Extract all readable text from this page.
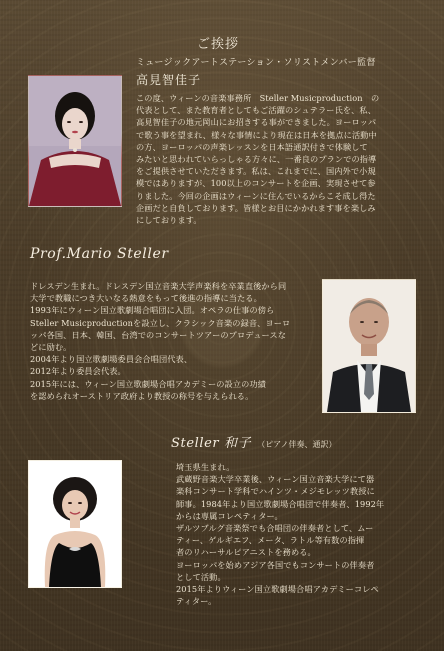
ご挨拶
ミュージックアートステーション・ソリストメンバー監督
高見智佳子
この度、ウィーンの音楽事務所　Steller Musicproduction　の
代表として、また教育者としてもご活躍のシュテラー氏を、私、
高見智佳子の地元岡山にお招きする事ができました。ヨーロッパ
で歌う事を望まれ、様々な事情により現在は日本を拠点に活動中
の方、ヨーロッパの声楽レッスンを日本語通訳付きで体験して
みたいと思われていらっしゃる方々に、一番良のプランでの指導
をご提供させていただきます。私は、これまでに、国内外で小規
模ではありますが、100以上のコンサートを企画、実現させて参
りました。今回の企画はウィーンに住んでいるからこそ成し得た
企画だと自負しております。皆様とお目にかかれます事を楽しみ
にしております。
Prof.Mario Steller
ドレスデン生まれ。ドレスデン国立音楽大学声楽科を卒業直後から同
大学で教職につき大いなる熱意をもって後進の指導に当たる。
1993年にウィーン国立歌劇場合唱団に入団。オペラの仕事の傍ら
Steller Musicproductionを設立し、クラシック音楽の録音、ヨーロ
ッパ各国、日本、韓国、台湾でのコンサートツアーのプロデュースな
どに励む。
2004年より国立歌劇場委員会合唱団代表、
2012年より委員会代表。
2015年には、ウィーン国立歌劇場合唱アカデミーの設立の功績
を認められオーストリア政府より教授の称号を与えられる。
Steller 和子 （ピアノ伴奏、通訳）
埼玉県生まれ。
武蔵野音楽大学卒業後、ウィーン国立音楽大学にて器
楽科コンサート学科でハインツ・メジモレッツ教授に
師事。1984年より国立歌劇場合唱団で伴奏者、1992年
からは専属コレペティター。
ザルツブルグ音楽祭でも合唱団の伴奏者として、ムー
ティー、ゲルギエフ、メータ、ラトル等有数の指揮
者のリハーサルピアニストを務める。
ヨーロッパを始めアジア各国でもコンサートの伴奏者
として活動。
2015年よりウィーン国立歌劇場合唱アカデミーコレペ
ティター。
